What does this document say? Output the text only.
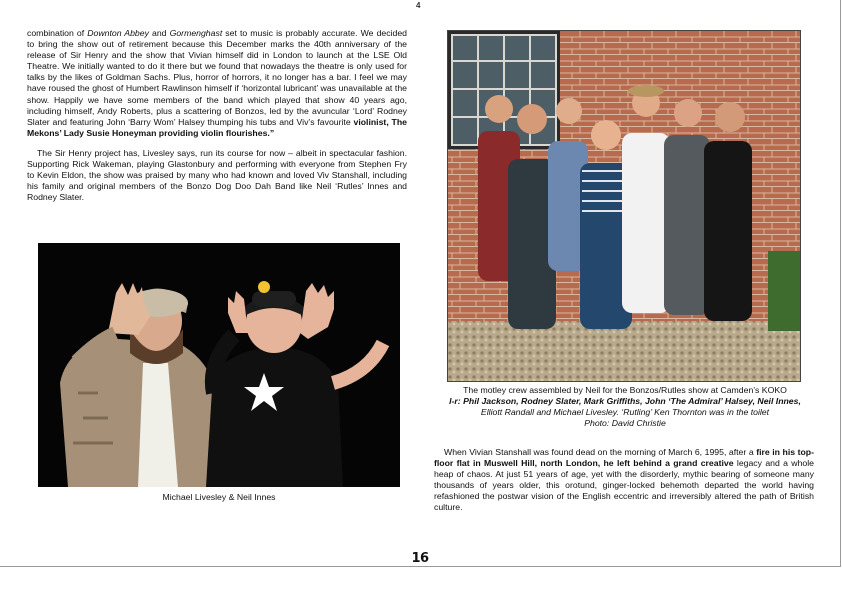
4

combination of Downton Abbey and Gormenghast set to music is probably accurate. We decided to bring the show out of retirement because this December marks the 40th anniversary of the release of Sir Henry and the show that Vivian himself did in London to launch at the LSE Old Theatre. We initially wanted to do it there but we found that nowadays the theatre is only used for talks by the likes of Goldman Sachs. Plus, horror of horrors, it no longer has a bar. I feel we may have roused the ghost of Humbert Rawlinson himself if ‘horizontal lubricant’ was unavailable at the show. Happily we have some members of the band which played that show 40 years ago, including himself, Andy Roberts, plus a scattering of Bonzos, led by the avuncular ‘Lord’ Rodney Slater and featuring John ‘Barry Wom’ Halsey thumping his tubs and Viv’s favourite violinist, The Mekons’ Lady Susie Honeyman providing violin flourishes.”

The Sir Henry project has, Livesley says, run its course for now – albeit in spectacular fashion. Supporting Rick Wakeman, playing Glastonbury and performing with everyone from Stephen Fry to Kevin Eldon, the show was praised by many who had known and loved Viv Stanshall, including his family and original members of the Bonzo Dog Doo Dah Band like Neil ‘Rutles’ Innes and Rodney Slater.

Michael Livesley & Neil Innes
The motley crew assembled by Neil for the Bonzos/Rutles show at Camden’s KOKO
l-r: Phil Jackson, Rodney Slater, Mark Griffiths, John ‘The Admiral’ Halsey, Neil Innes,
Elliott Randall and Michael Livesley. ‘Rutling’ Ken Thornton was in the toilet
Photo: David Christie

When Vivian Stanshall was found dead on the morning of March 6, 1995, after a fire in his top-floor flat in Muswell Hill, north London, he left behind a grand creative legacy and a whole heap of chaos. At just 51 years of age, yet with the disorderly, mythic bearing of someone many thousands of years older, this orotund, ginger-locked behemoth departed the world having refashioned the postwar vision of the English eccentric and irreversibly altered the path of British culture.

16
